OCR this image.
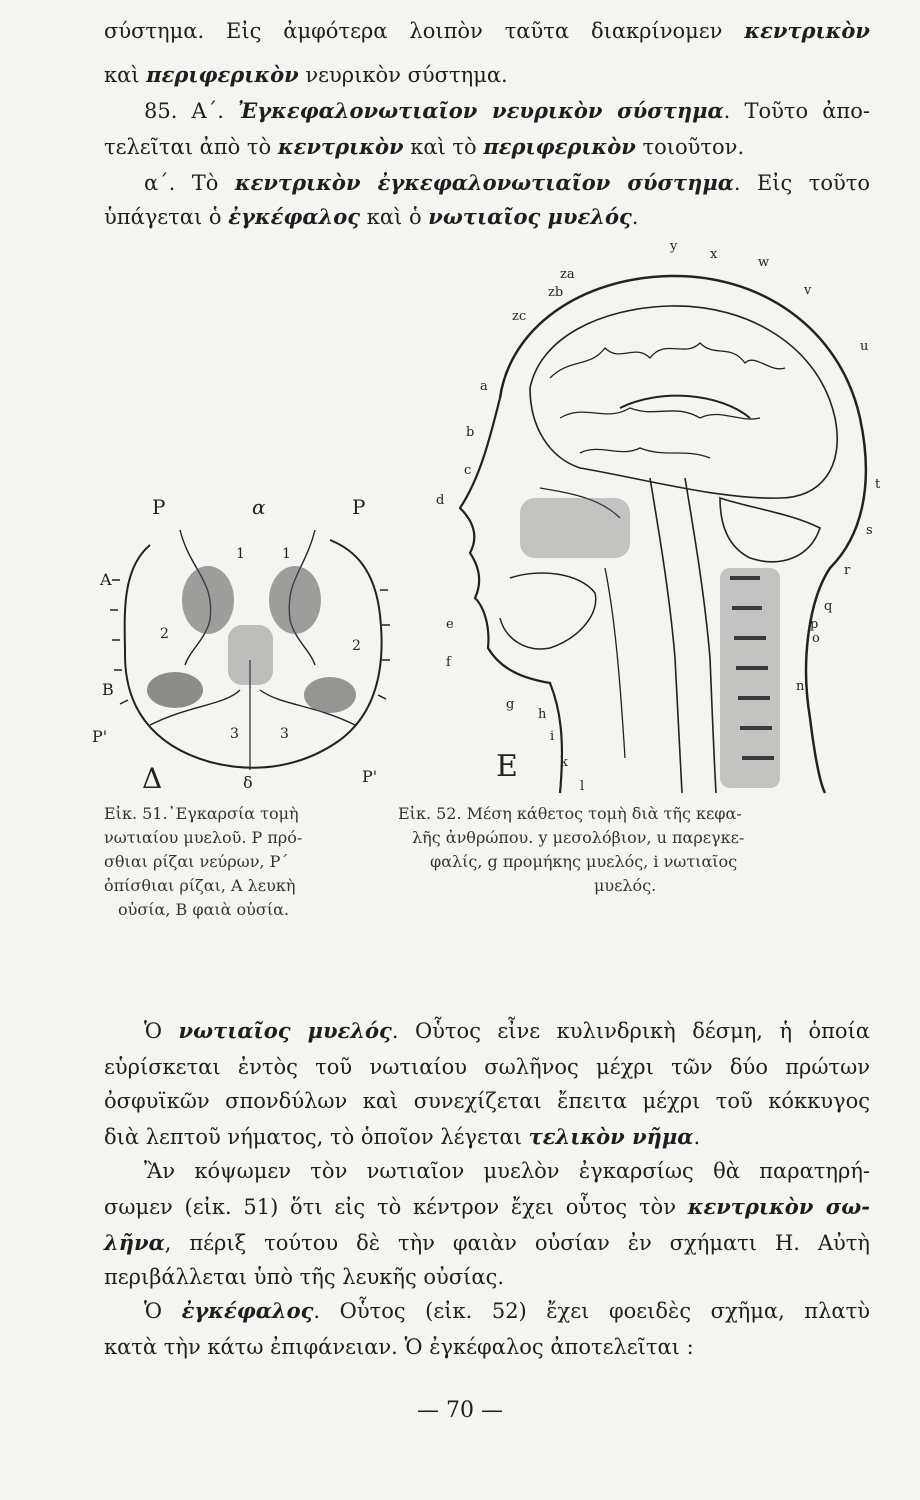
σύστημα. Εἰς ἀμφότερα λοιπὸν ταῦτα διακρίνομεν κεντρικὸν
καὶ περιφερικὸν νευρικὸν σύστημα.
85. Α΄. Ἐγκεφαλονωτιαῖον νευρικὸν σύστημα. Τοῦτο ἀπο-
τελεῖται ἀπὸ τὸ κεντρικὸν καὶ τὸ περιφερικὸν τοιοῦτον.
α΄. Τὸ κεντρικὸν ἐγκεφαλονωτιαῖον σύστημα. Εἰς τοῦτο
ὑπάγεται ὁ ἐγκέφαλος καὶ ὁ νωτιαῖος μυελός.
P	α	P
A
B
P'
P'
Δ	δ
1	1
2
2
3	3
y
x
w
v
u
za
zb
zc
a
b
c
d
e
f
g
h
i
k
l
t
s
r
q
p
o
n
E
Εἰκ. 51.᾽Εγκαρσία τομὴ
νωτιαίου μυελοῦ. Ρ πρό-
σθιαι ρίζαι νεύρων, Ρ΄
ὀπίσθιαι ρίζαι, Α λευκὴ
οὐσία, Β φαιὰ οὐσία.
Εἰκ. 52. Μέση κάθετος τομὴ διὰ τῆς κεφα-
λῆς ἀνθρώπου. y μεσολόβιον, u παρεγκε-
φαλίς, g προμήκης μυελός, i νωτιαῖος
μυελός.
Ὁ νωτιαῖος μυελός. Οὗτος εἶνε κυλινδρικὴ δέσμη, ἡ ὁποία
εὑρίσκεται ἐντὸς τοῦ νωτιαίου σωλῆνος μέχρι τῶν δύο πρώτων
ὀσφυϊκῶν σπονδύλων καὶ συνεχίζεται ἔπειτα μέχρι τοῦ κόκκυγος
διὰ λεπτοῦ νήματος, τὸ ὁποῖον λέγεται τελικὸν νῆμα.
Ἂν κόψωμεν τὸν νωτιαῖον μυελὸν ἐγκαρσίως θὰ παρατηρή-
σωμεν (εἰκ. 51) ὅτι εἰς τὸ κέντρον ἔχει οὗτος τὸν κεντρικὸν σω-
λῆνα, πέριξ τούτου δὲ τὴν φαιὰν οὐσίαν ἐν σχήματι Η. Αὐτὴ
περιβάλλεται ὑπὸ τῆς λευκῆς οὐσίας.
Ὁ ἐγκέφαλος. Οὗτος (εἰκ. 52) ἔχει φοειδὲς σχῆμα, πλατὺ
κατὰ τὴν κάτω ἐπιφάνειαν. Ὁ ἐγκέφαλος ἀποτελεῖται :
— 70 —
